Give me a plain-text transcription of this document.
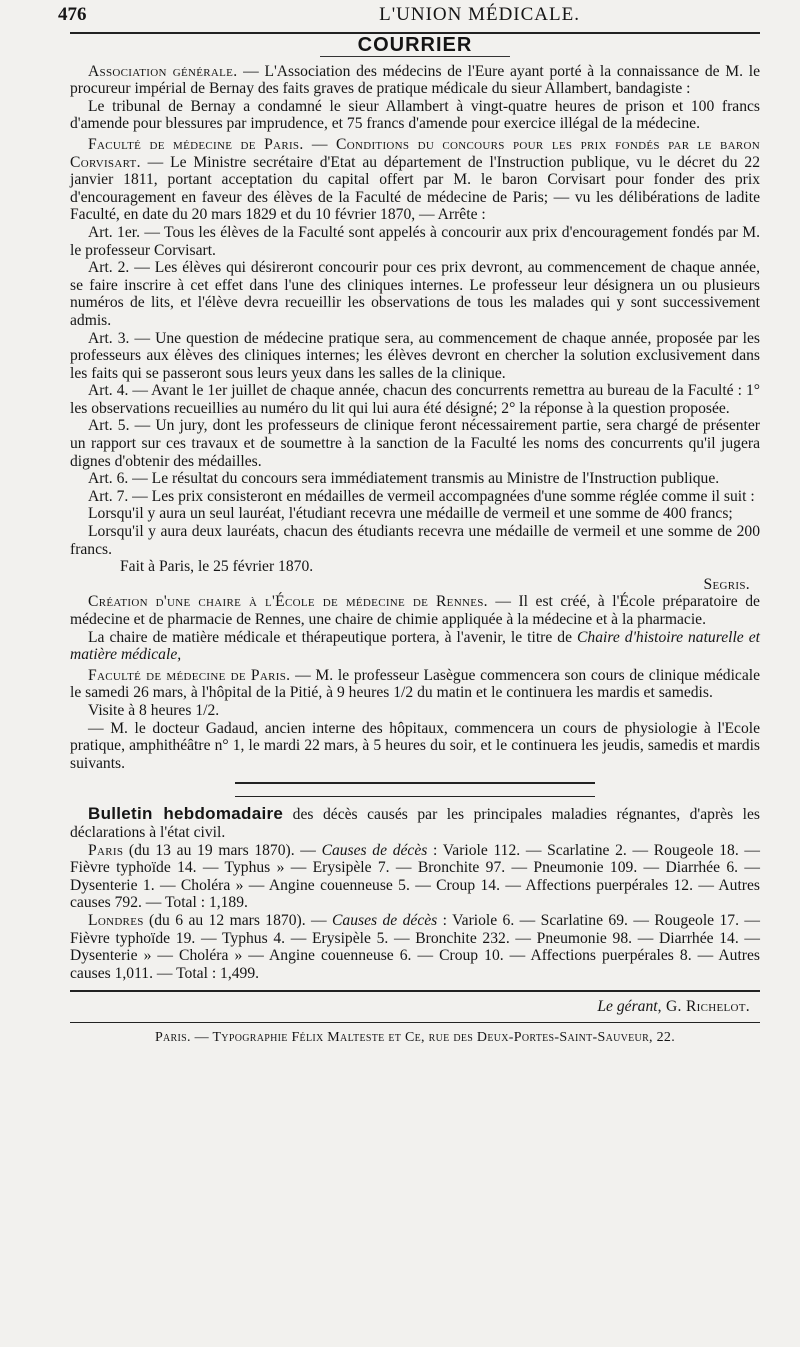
476	L'UNION MÉDICALE.
COURRIER

Association générale. — L'Association des médecins de l'Eure ayant porté à la connaissance de M. le procureur impérial de Bernay des faits graves de pratique médicale du sieur Allambert, bandagiste :

Le tribunal de Bernay a condamné le sieur Allambert à vingt-quatre heures de prison et 100 francs d'amende pour blessures par imprudence, et 75 francs d'amende pour exercice illégal de la médecine.

Faculté de médecine de Paris. — Conditions du concours pour les prix fondés par le baron Corvisart. — Le Ministre secrétaire d'Etat au département de l'Instruction publique, vu le décret du 22 janvier 1811, portant acceptation du capital offert par M. le baron Corvisart pour fonder des prix d'encouragement en faveur des élèves de la Faculté de médecine de Paris; — vu les délibérations de ladite Faculté, en date du 20 mars 1829 et du 10 février 1870, — Arrête :

Art. 1er. — Tous les élèves de la Faculté sont appelés à concourir aux prix d'encouragement fondés par M. le professeur Corvisart.

Art. 2. — Les élèves qui désireront concourir pour ces prix devront, au commencement de chaque année, se faire inscrire à cet effet dans l'une des cliniques internes. Le professeur leur désignera un ou plusieurs numéros de lits, et l'élève devra recueillir les observations de tous les malades qui y sont successivement admis.

Art. 3. — Une question de médecine pratique sera, au commencement de chaque année, proposée par les professeurs aux élèves des cliniques internes; les élèves devront en chercher la solution exclusivement dans les faits qui se passeront sous leurs yeux dans les salles de la clinique.

Art. 4. — Avant le 1er juillet de chaque année, chacun des concurrents remettra au bureau de la Faculté : 1° les observations recueillies au numéro du lit qui lui aura été désigné; 2° la réponse à la question proposée.

Art. 5. — Un jury, dont les professeurs de clinique feront nécessairement partie, sera chargé de présenter un rapport sur ces travaux et de soumettre à la sanction de la Faculté les noms des concurrents qu'il jugera dignes d'obtenir des médailles.

Art. 6. — Le résultat du concours sera immédiatement transmis au Ministre de l'Instruction publique.

Art. 7. — Les prix consisteront en médailles de vermeil accompagnées d'une somme réglée comme il suit :

Lorsqu'il y aura un seul lauréat, l'étudiant recevra une médaille de vermeil et une somme de 400 francs;

Lorsqu'il y aura deux lauréats, chacun des étudiants recevra une médaille de vermeil et une somme de 200 francs.

Fait à Paris, le 25 février 1870.

Segris.

Création d'une chaire à l'École de médecine de Rennes. — Il est créé, à l'École préparatoire de médecine et de pharmacie de Rennes, une chaire de chimie appliquée à la médecine et à la pharmacie.

La chaire de matière médicale et thérapeutique portera, à l'avenir, le titre de Chaire d'histoire naturelle et matière médicale,

Faculté de médecine de Paris. — M. le professeur Lasègue commencera son cours de clinique médicale le samedi 26 mars, à l'hôpital de la Pitié, à 9 heures 1/2 du matin et le continuera les mardis et samedis.

Visite à 8 heures 1/2.

— M. le docteur Gadaud, ancien interne des hôpitaux, commencera un cours de physiologie à l'Ecole pratique, amphithéâtre n° 1, le mardi 22 mars, à 5 heures du soir, et le continuera les jeudis, samedis et mardis suivants.

Bulletin hebdomadaire des décès causés par les principales maladies régnantes, d'après les déclarations à l'état civil.

Paris (du 13 au 19 mars 1870). — Causes de décès : Variole 112. — Scarlatine 2. — Rougeole 18. — Fièvre typhoïde 14. — Typhus » — Erysipèle 7. — Bronchite 97. — Pneumonie 109. — Diarrhée 6. — Dysenterie 1. — Choléra » — Angine couenneuse 5. — Croup 14. — Affections puerpérales 12. — Autres causes 792. — Total : 1,189.

Londres (du 6 au 12 mars 1870). — Causes de décès : Variole 6. — Scarlatine 69. — Rougeole 17. — Fièvre typhoïde 19. — Typhus 4. — Erysipèle 5. — Bronchite 232. — Pneumonie 98. — Diarrhée 14. — Dysenterie » — Choléra » — Angine couenneuse 6. — Croup 10. — Affections puerpérales 8. — Autres causes 1,011. — Total : 1,499.

Le gérant, G. Richelot.

Paris. — Typographie Félix Malteste et Ce, rue des Deux-Portes-Saint-Sauveur, 22.
